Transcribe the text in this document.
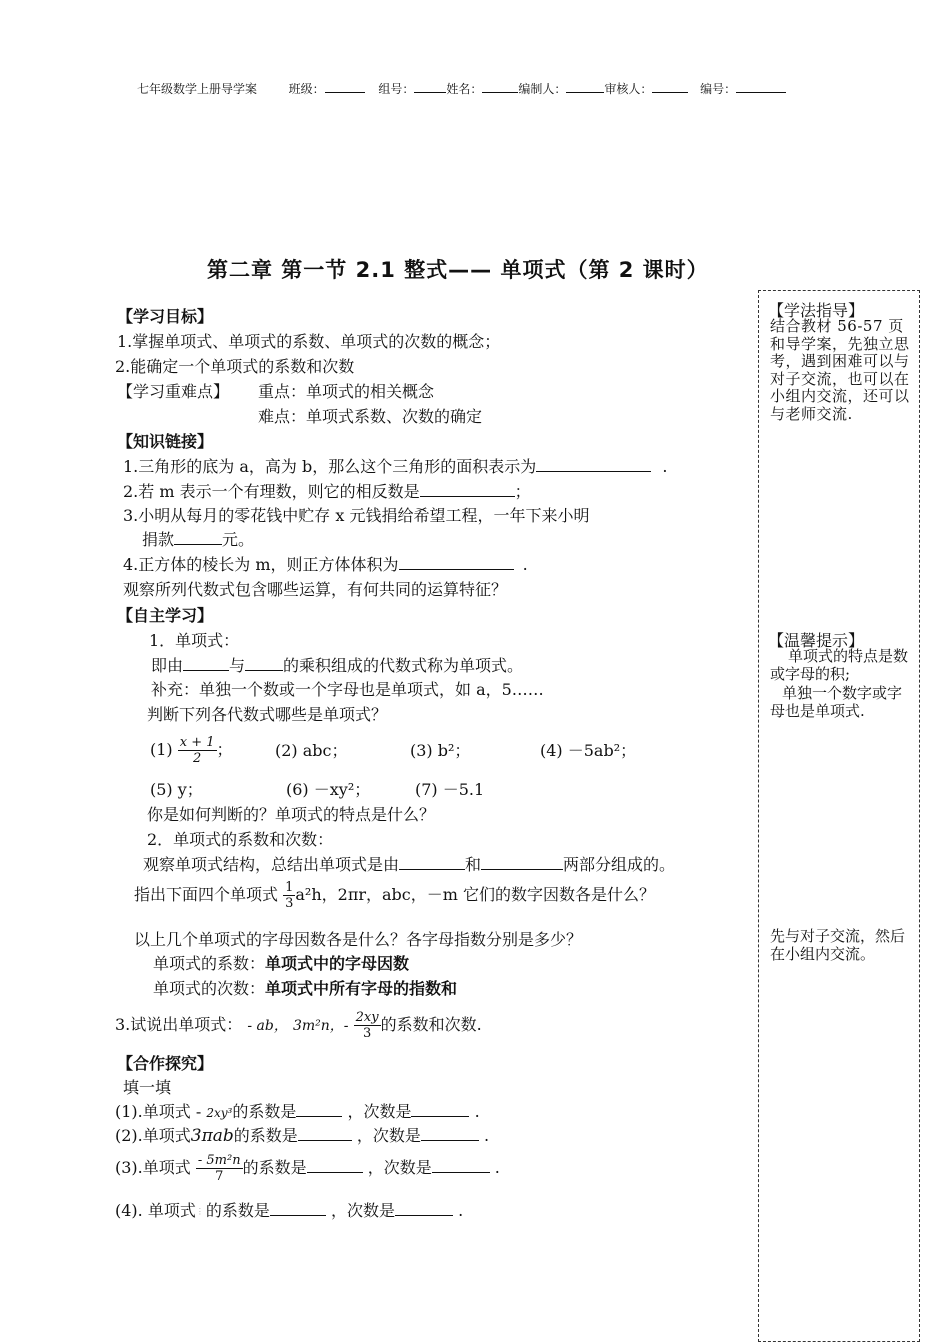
七年级数学上册导学案	班级：	组号：	姓名：	编制人：	审核人：	编号：
第二章 第一节 2.1 整式—— 单项式（第 2 课时）
【学法指导】
结合教材 56-57 页和导学案，先独立思考，遇到困难可以与对子交流，也可以在小组内交流，还可以与老师交流.
【温馨提示】
单项式的特点是数或字母的积;
单独一个数字或字母也是单项式.
先与对子交流，然后在小组内交流。
【学习目标】
1.掌握单项式、单项式的系数、单项式的次数的概念；
2.能确定一个单项式的系数和次数
【学习重难点】 重点：单项式的相关概念
难点：单项式系数、次数的确定
【知识链接】
1.三角形的底为 a，高为 b，那么这个三角形的面积表示为	.
2.若 m 表示一个有理数，则它的相反数是	；
3.小明从每月的零花钱中贮存 x 元钱捐给希望工程，一年下来小明
捐款	元。
4.正方体的棱长为 m，则正方体体积为	.
观察所列代数式包含哪些运算，有何共同的运算特征？
【自主学习】
1．单项式：
即由	与 的乘积组成的代数式称为单项式。
补充：单独一个数或一个字母也是单项式，如 a，5……
判断下列各代数式哪些是单项式？
$(1) \frac{x + 1}{2}$ ；	(2) abc；	(3) b²；	(4) －5ab²；
(5) y；	(6) －xy²；	(7) －5.1
你是如何判断的？单项式的特点是什么？
2．单项式的系数和次数：
观察单项式结构，总结出单项式是由	和	两部分组成的。
指出下面四个单项式 $\frac{1}{3} a^2h$，2πr，abc，－m 它们的数字因数各是什么？
以上几个单项式的字母因数各是什么？各字母指数分别是多少？
单项式的系数：单项式中的字母因数
单项式的次数：单项式中所有字母的指数和
3.试说出单项式： - ab， 3m²n，- $\frac{2xy}{3}$ 的系数和次数.
【合作探究】
填一填
(1).单项式 - 2xy³的系数是	，次数是	.
(2).单项式3πab的系数是	，次数是	.
(3).单项式 $\frac{\text{- 5m²n}}{7}$ 的系数是	，次数是	.
(4). 单项式⋮ 的系数是	，次数是	.
